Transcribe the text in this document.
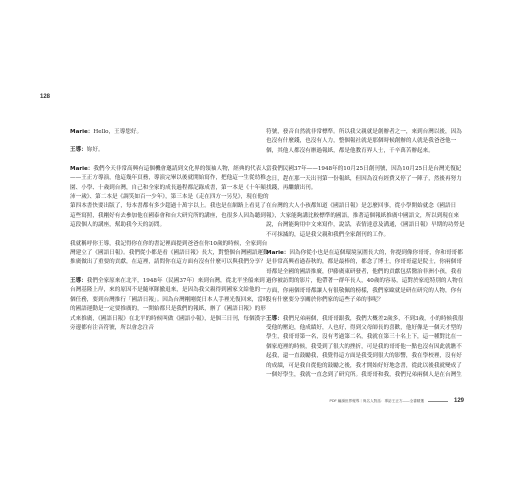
128

Marie：Hello，王導您好。

王導：妳好。

Marie：我們今天非常高興有這個機會邀請到文化界的領袖人物，經典的代表人——王正方導演，他這幾年頁務，導演完畢以後就開始寫作，把他這一生從幼稚園、小學、十歲到台灣，自己和全家的成長過程都記錄成書，第一本是《十年顛沛一歲》、第二本是《調笑如百一少年》，第三本是《走在四方一另兒》，現在他的第四本書快要出版了，每本書都有多少超過十萬字以上。我也是在網路上看見了這些寫照，我剛好有去參加他在國泰會和台大研究所的講座，也很多人因為聽到這段個人的講座，幫助我今天的訪問。

我就稱呼你王導，我記得你在你的書記裡面提到爸爸在你10歲的時候，全家到台灣建立了《國語日報》。我們從小都是看《國語日報》長大，對整個台灣國語運動推廣做出了重要的貢獻，在這裡，請問你在這方面有沒有什麼可以與我們分享？

王導：我們全家原來在北平，1948年（民國37年）來到台灣，從北平坐船來到台灣基隆上岸，來的原因不是隨軍隊撤退來，是因為我父親得到國家文給他的一個任務，要到台灣推行「國語日報」。因為台灣剛剛從日本人手裡光復回來，當時的國語運動是一定要推廣的，一開始都只是我們的報紙，辦了《國語日報》的形式來推廣，《國語日報》在北平的時候叫做《國語小報》，是個三日刊，每個漢字旁邊都有注音符號，所以會念注音

符號，發音自然就非常標準。所以我父親就是創辦者之一，來到台灣以後，因為也沒有什麼錢，也沒有人力，整個報社就是那個時候創辦的人就是我爸爸他一個，其他人都沒有辦過報紙，都是他教育界人士，千辛萬苦辦起來。

當我們民國37年——1948年的10月25日創刊號，因為10月25日是台灣光復紀念日，趕在那一天出刊第一份報紙，但因為沒有經費又停了一陣子，然後再努力找錢，再繼續出刊。

在台灣的大人小孩都知道《國語日報》是怎麼回事，從小學開始就念《國語日報》，大家能夠講比較標準的國語，推著這個報紙推廣中國語文，所以到現在來說，台灣能夠用中文來寫作，說話，表情達意及溝通，《國語日報》早期的功勞是不可抹滅的，這是我父親和我們全家創刊的工作。

Marie：因為你從小也是在這個環境氛圍長大的，你提到像你哥哥，你和哥哥都是非常高興看過春秋的，都是最棒的，都念了博士，你哥哥還是院士，你兩個哥哥都是全國的國語推廣，伊藤廣東研發者，他們的貢獻包括醫治非洲小孩，我看過你被訪問的影片，他帶著一群年長人，40歲的容易，這對於家庭特別的人物在方面，你兩個哥哥都讓人有很敬佩的榜樣，我們家歐就是研在研究的人物，你有沒有什麼要分享關於你們家的這些子弟的事呢？

王導：我們兄弟兩個，我哥哥跟我，我們大概差2歲多，不到3歲，小的時候我很受他的壓迫，他成績好，人也好，得到父母師長的喜歡，他好像是一個天才型的學生，我哥哥第一名，沒有考過第二名，我就在第三十名上下，這一種對比在一個家庭裡的時候，我受到了很大的挫折，可是我的哥哥他一點也沒有因此就瞧不起我，還一直鼓勵我，我覺得這方面是我受到很大的影響，我在學校裡，沒有好的成績，可是我自從他的鼓勵之後，我才開始好好地念書，從此以後我就變成了一個好學生，我就一直念到了研究所。我哥哥和我，我們兄弟兩個人是在台灣生

PDF 編讀世界報導｜與名人對話：專訪王正方——全書精選	129
